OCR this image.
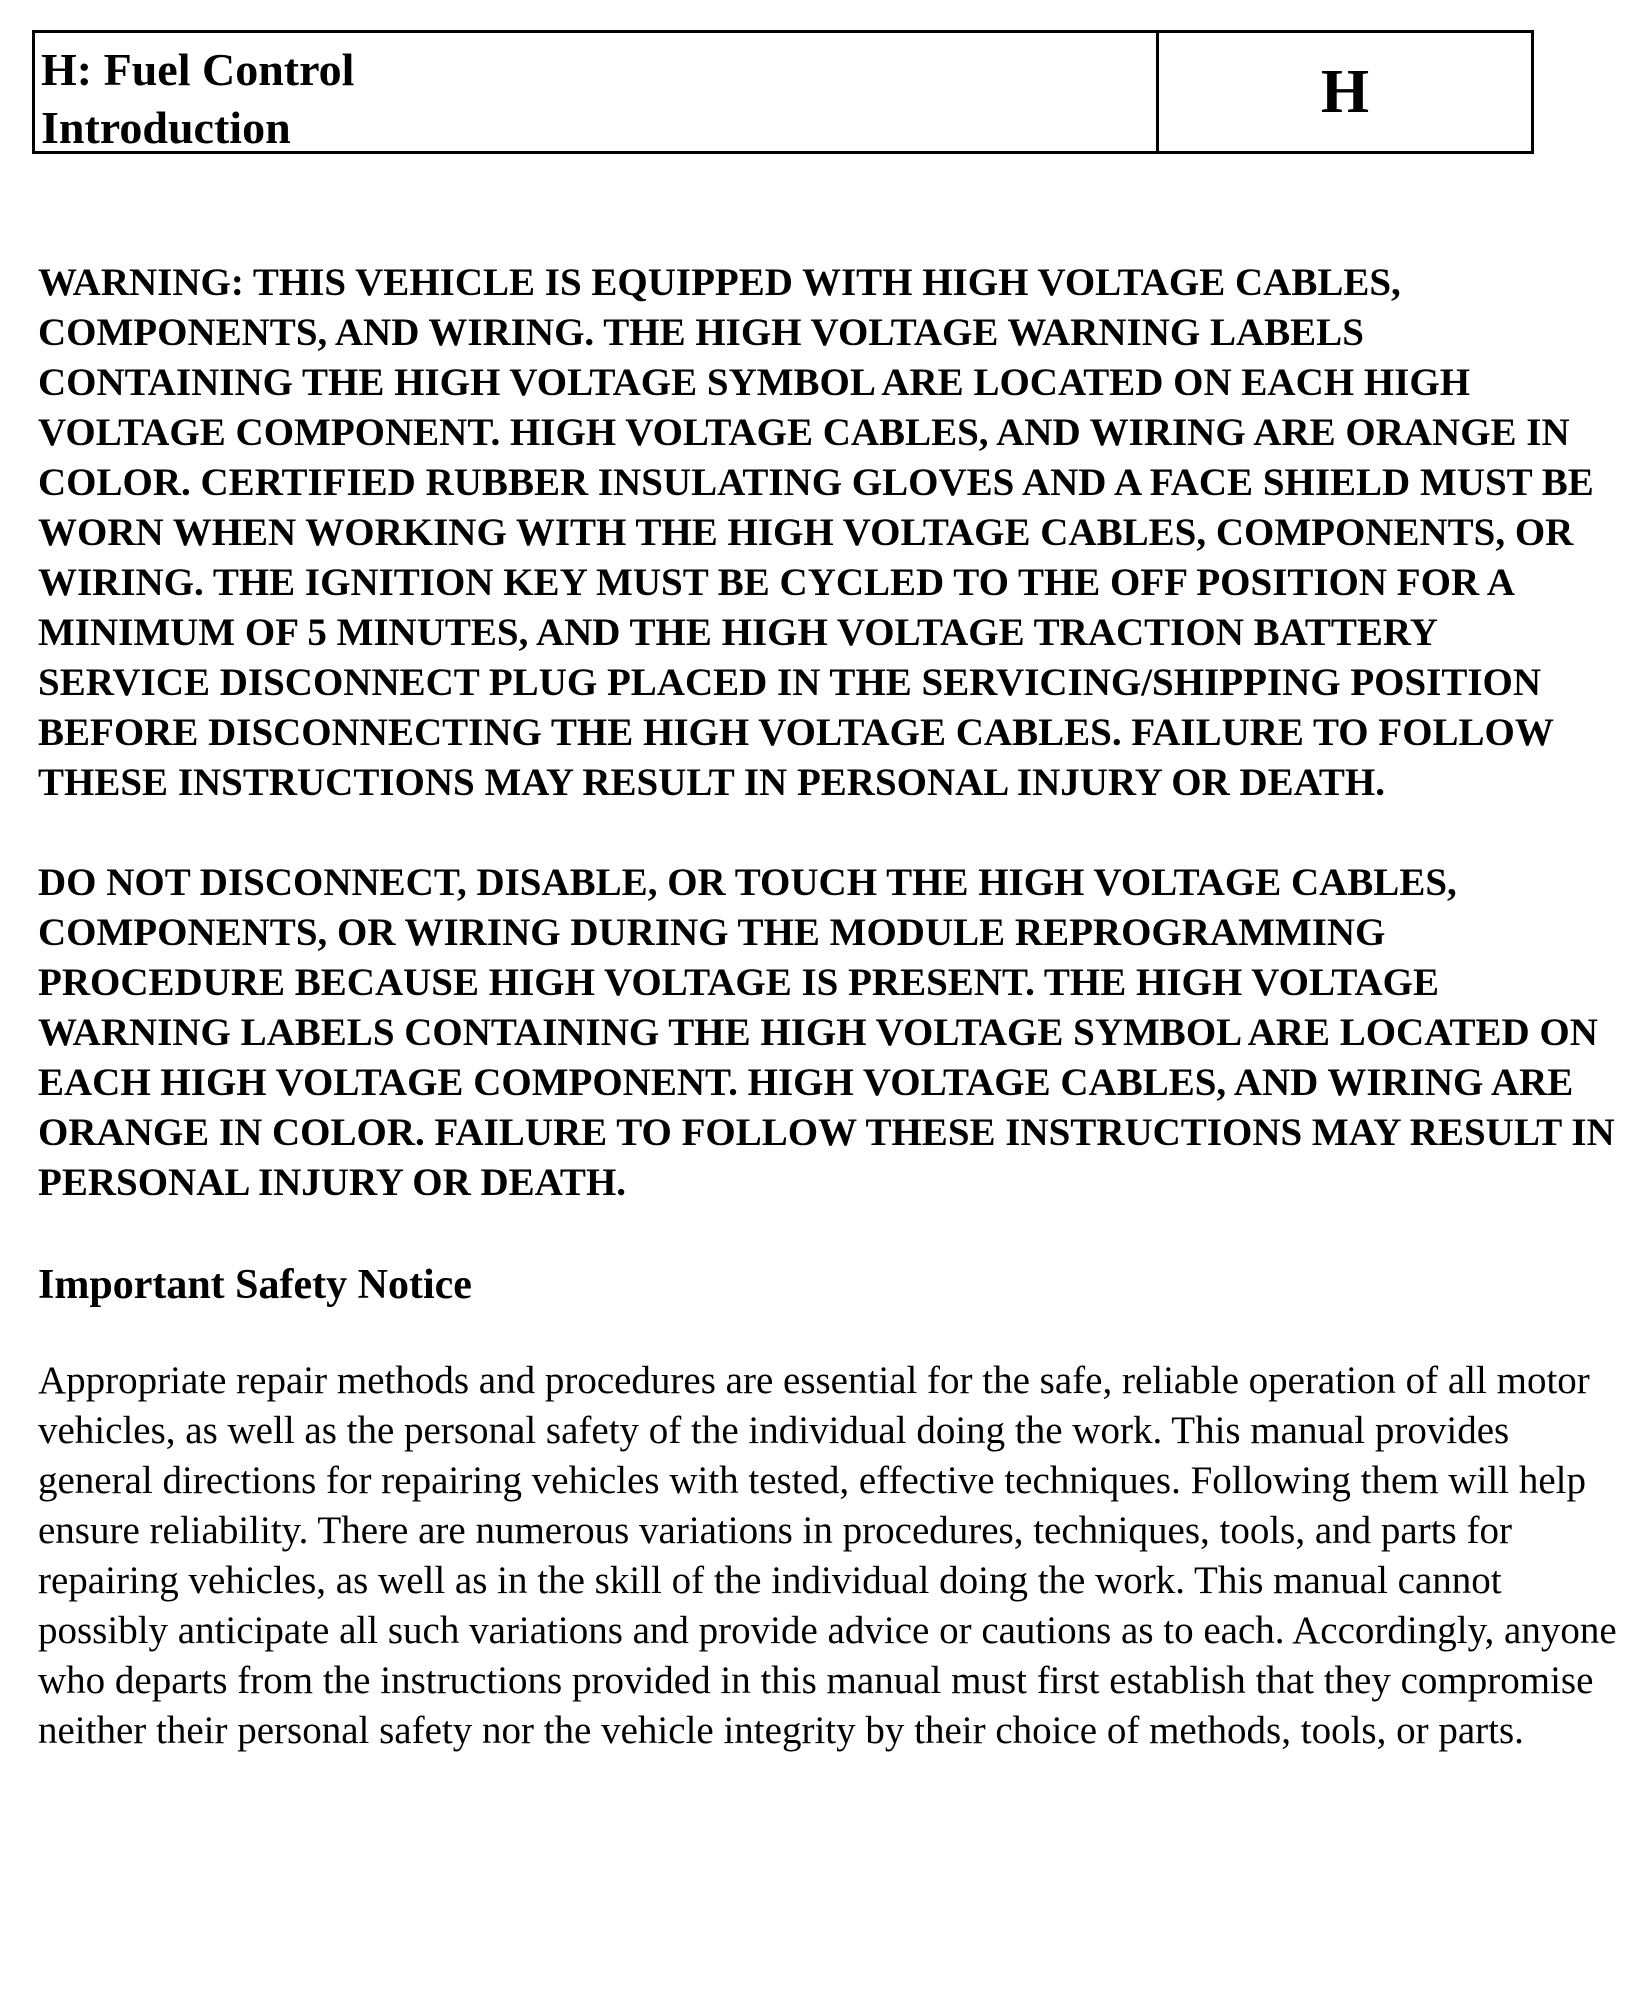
H: Fuel Control
Introduction
H

WARNING: THIS VEHICLE IS EQUIPPED WITH HIGH VOLTAGE CABLES, COMPONENTS, AND WIRING. THE HIGH VOLTAGE WARNING LABELS CONTAINING THE HIGH VOLTAGE SYMBOL ARE LOCATED ON EACH HIGH VOLTAGE COMPONENT. HIGH VOLTAGE CABLES, AND WIRING ARE ORANGE IN COLOR. CERTIFIED RUBBER INSULATING GLOVES AND A FACE SHIELD MUST BE WORN WHEN WORKING WITH THE HIGH VOLTAGE CABLES, COMPONENTS, OR WIRING. THE IGNITION KEY MUST BE CYCLED TO THE OFF POSITION FOR A MINIMUM OF 5 MINUTES, AND THE HIGH VOLTAGE TRACTION BATTERY SERVICE DISCONNECT PLUG PLACED IN THE SERVICING/SHIPPING POSITION BEFORE DISCONNECTING THE HIGH VOLTAGE CABLES. FAILURE TO FOLLOW THESE INSTRUCTIONS MAY RESULT IN PERSONAL INJURY OR DEATH.

DO NOT DISCONNECT, DISABLE, OR TOUCH THE HIGH VOLTAGE CABLES, COMPONENTS, OR WIRING DURING THE MODULE REPROGRAMMING PROCEDURE BECAUSE HIGH VOLTAGE IS PRESENT. THE HIGH VOLTAGE WARNING LABELS CONTAINING THE HIGH VOLTAGE SYMBOL ARE LOCATED ON EACH HIGH VOLTAGE COMPONENT. HIGH VOLTAGE CABLES, AND WIRING ARE ORANGE IN COLOR. FAILURE TO FOLLOW THESE INSTRUCTIONS MAY RESULT IN PERSONAL INJURY OR DEATH.

Important Safety Notice

Appropriate repair methods and procedures are essential for the safe, reliable operation of all motor vehicles, as well as the personal safety of the individual doing the work. This manual provides general directions for repairing vehicles with tested, effective techniques. Following them will help ensure reliability. There are numerous variations in procedures, techniques, tools, and parts for repairing vehicles, as well as in the skill of the individual doing the work. This manual cannot possibly anticipate all such variations and provide advice or cautions as to each. Accordingly, anyone who departs from the instructions provided in this manual must first establish that they compromise neither their personal safety nor the vehicle integrity by their choice of methods, tools, or parts.
